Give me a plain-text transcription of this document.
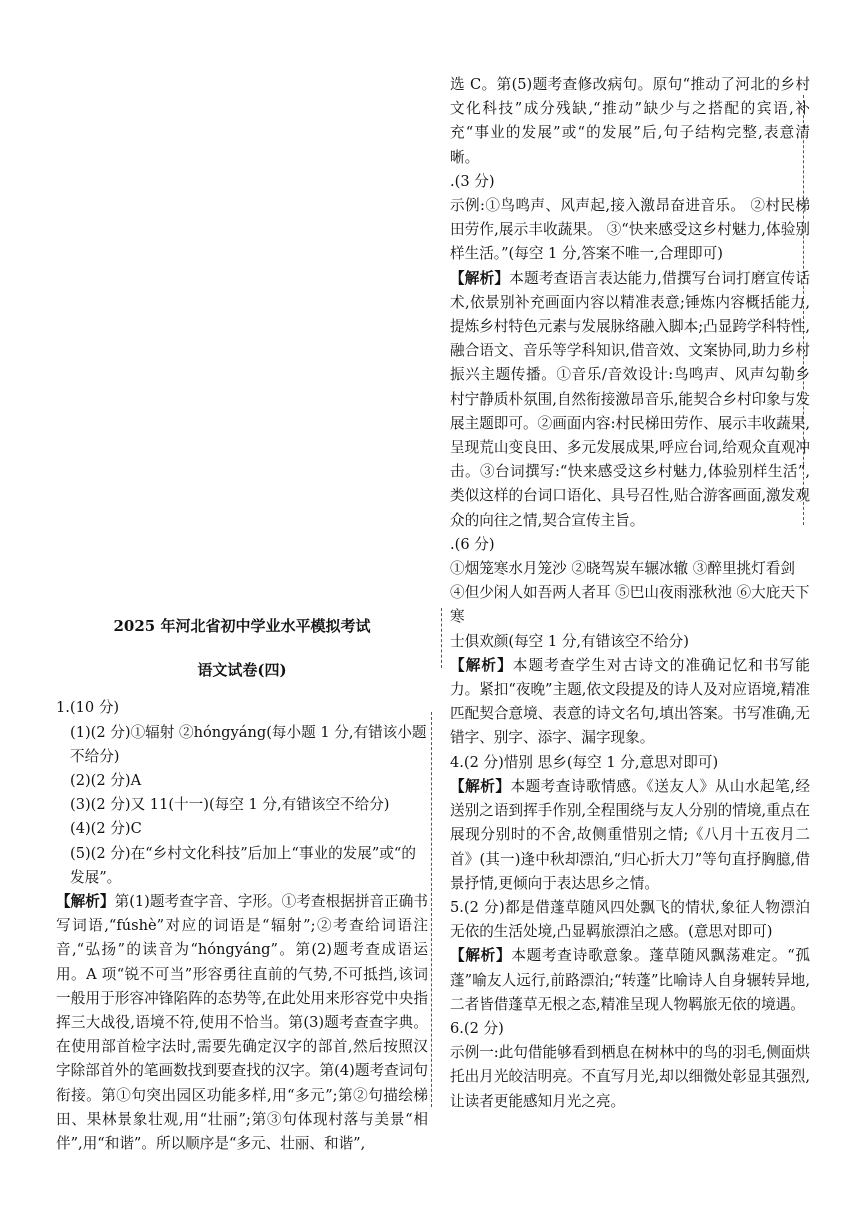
2025 年河北省初中学业水平模拟考试

语文试卷(四)

1.(10 分)

(1)(2 分)①辐射 ②hóngyáng(每小题 1 分,有错该小题不给分)

(2)(2 分)A

(3)(2 分)又 11(十一)(每空 1 分,有错该空不给分)

(4)(2 分)C

(5)(2 分)在“乡村文化科技”后加上“事业的发展”或“的发展”。

【解析】第(1)题考查字音、字形。①考查根据拼音正确书写词语,“fúshè”对应的词语是“辐射”;②考查给词语注音,“弘扬”的读音为“hóngyáng”。第(2)题考查成语运用。A 项“锐不可当”形容勇往直前的气势,不可抵挡,该词一般用于形容冲锋陷阵的态势等,在此处用来形容党中央指挥三大战役,语境不符,使用不恰当。第(3)题考查查字典。在使用部首检字法时,需要先确定汉字的部首,然后按照汉字除部首外的笔画数找到要查找的汉字。第(4)题考查词句衔接。第①句突出园区功能多样,用“多元”;第②句描绘梯田、果林景象壮观,用“壮丽”;第③句体现村落与美景“相伴”,用“和谐”。所以顺序是“多元、壮丽、和谐”,

选 C。第(5)题考查修改病句。原句“推动了河北的乡村文化科技”成分残缺,“推动”缺少与之搭配的宾语,补充“事业的发展”或“的发展”后,句子结构完整,表意清晰。

.(3 分)

示例:①鸟鸣声、风声起,接入激昂奋进音乐。 ②村民梯田劳作,展示丰收蔬果。 ③“快来感受这乡村魅力,体验别样生活。”(每空 1 分,答案不唯一,合理即可)

【解析】本题考查语言表达能力,借撰写台词打磨宣传话术,依景别补充画面内容以精准表意;锤炼内容概括能力,提炼乡村特色元素与发展脉络融入脚本;凸显跨学科特性,融合语文、音乐等学科知识,借音效、文案协同,助力乡村振兴主题传播。①音乐/音效设计:鸟鸣声、风声勾勒乡村宁静质朴氛围,自然衔接激昂音乐,能契合乡村印象与发展主题即可。②画面内容:村民梯田劳作、展示丰收蔬果,呈现荒山变良田、多元发展成果,呼应台词,给观众直观冲击。③台词撰写:“快来感受这乡村魅力,体验别样生活”,类似这样的台词口语化、具号召性,贴合游客画面,激发观众的向往之情,契合宣传主旨。

.(6 分)

①烟笼寒水月笼沙 ②晓驾炭车辗冰辙 ③醉里挑灯看剑

④但少闲人如吾两人者耳 ⑤巴山夜雨涨秋池 ⑥大庇天下寒

士俱欢颜(每空 1 分,有错该空不给分)

【解析】本题考查学生对古诗文的准确记忆和书写能力。紧扣“夜晚”主题,依文段提及的诗人及对应语境,精准匹配契合意境、表意的诗文名句,填出答案。书写准确,无错字、别字、添字、漏字现象。

4.(2 分)惜别 思乡(每空 1 分,意思对即可)

【解析】本题考查诗歌情感。《送友人》从山水起笔,经送别之语到挥手作别,全程围绕与友人分别的情境,重点在展现分别时的不舍,故侧重惜别之情;《八月十五夜月二首》(其一)逢中秋却漂泊,“归心折大刀”等句直抒胸臆,借景抒情,更倾向于表达思乡之情。

5.(2 分)都是借蓬草随风四处飘飞的情状,象征人物漂泊无依的生活处境,凸显羁旅漂泊之感。(意思对即可)

【解析】本题考查诗歌意象。蓬草随风飘荡难定。“孤蓬”喻友人远行,前路漂泊;“转蓬”比喻诗人自身辗转异地,二者皆借蓬草无根之态,精准呈现人物羁旅无依的境遇。

6.(2 分)

示例一:此句借能够看到栖息在树林中的鸟的羽毛,侧面烘托出月光皎洁明亮。不直写月光,却以细微处彰显其强烈,让读者更能感知月光之亮。
